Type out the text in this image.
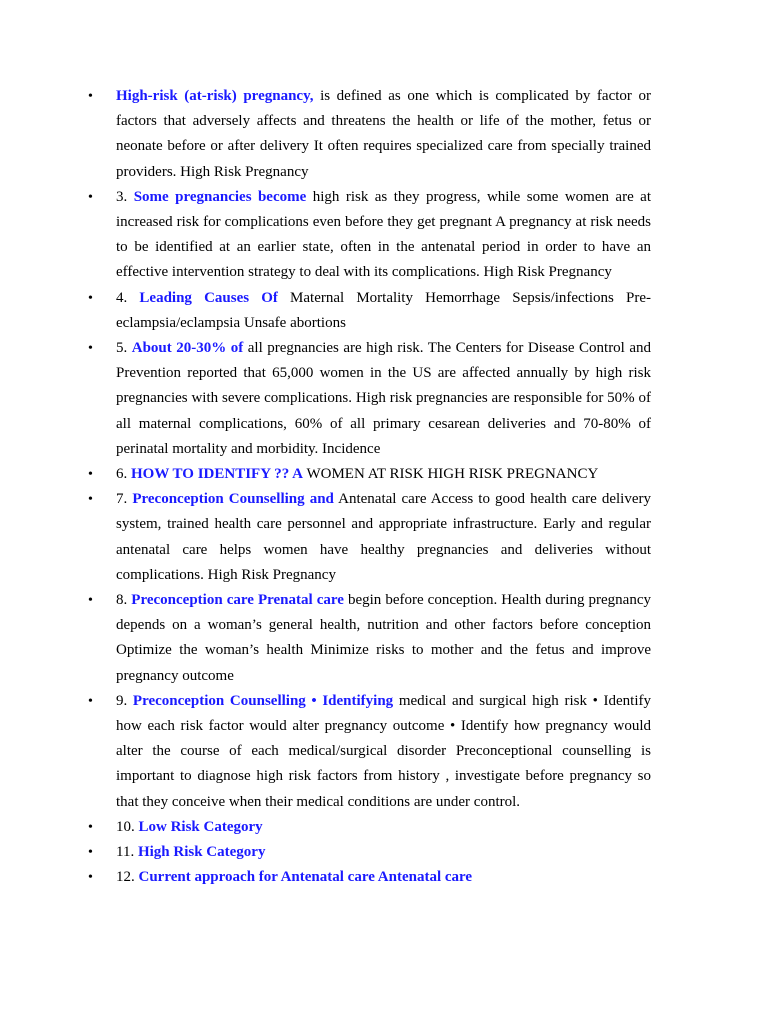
• High-risk (at-risk) pregnancy, is defined as one which is complicated by factor or factors that adversely affects and threatens the health or life of the mother, fetus or neonate before or after delivery It often requires specialized care from specially trained providers. High Risk Pregnancy
• 3. Some pregnancies become high risk as they progress, while some women are at increased risk for complications even before they get pregnant A pregnancy at risk needs to be identified at an earlier state, often in the antenatal period in order to have an effective intervention strategy to deal with its complications. High Risk Pregnancy
• 4. Leading Causes Of Maternal Mortality Hemorrhage Sepsis/infections Pre-eclampsia/eclampsia Unsafe abortions
• 5. About 20-30% of all pregnancies are high risk. The Centers for Disease Control and Prevention reported that 65,000 women in the US are affected annually by high risk pregnancies with severe complications. High risk pregnancies are responsible for 50% of all maternal complications, 60% of all primary cesarean deliveries and 70-80% of perinatal mortality and morbidity. Incidence
• 6. HOW TO IDENTIFY ?? A WOMEN AT RISK HIGH RISK PREGNANCY
• 7. Preconception Counselling and Antenatal care Access to good health care delivery system, trained health care personnel and appropriate infrastructure. Early and regular antenatal care helps women have healthy pregnancies and deliveries without complications. High Risk Pregnancy
• 8. Preconception care Prenatal care begin before conception. Health during pregnancy depends on a woman’s general health, nutrition and other factors before conception Optimize the woman’s health Minimize risks to mother and the fetus and improve pregnancy outcome
• 9. Preconception Counselling • Identifying medical and surgical high risk • Identify how each risk factor would alter pregnancy outcome • Identify how pregnancy would alter the course of each medical/surgical disorder Preconceptional counselling is important to diagnose high risk factors from history , investigate before pregnancy so that they conceive when their medical conditions are under control.
• 10. Low Risk Category
• 11. High Risk Category
• 12. Current approach for Antenatal care Antenatal care
